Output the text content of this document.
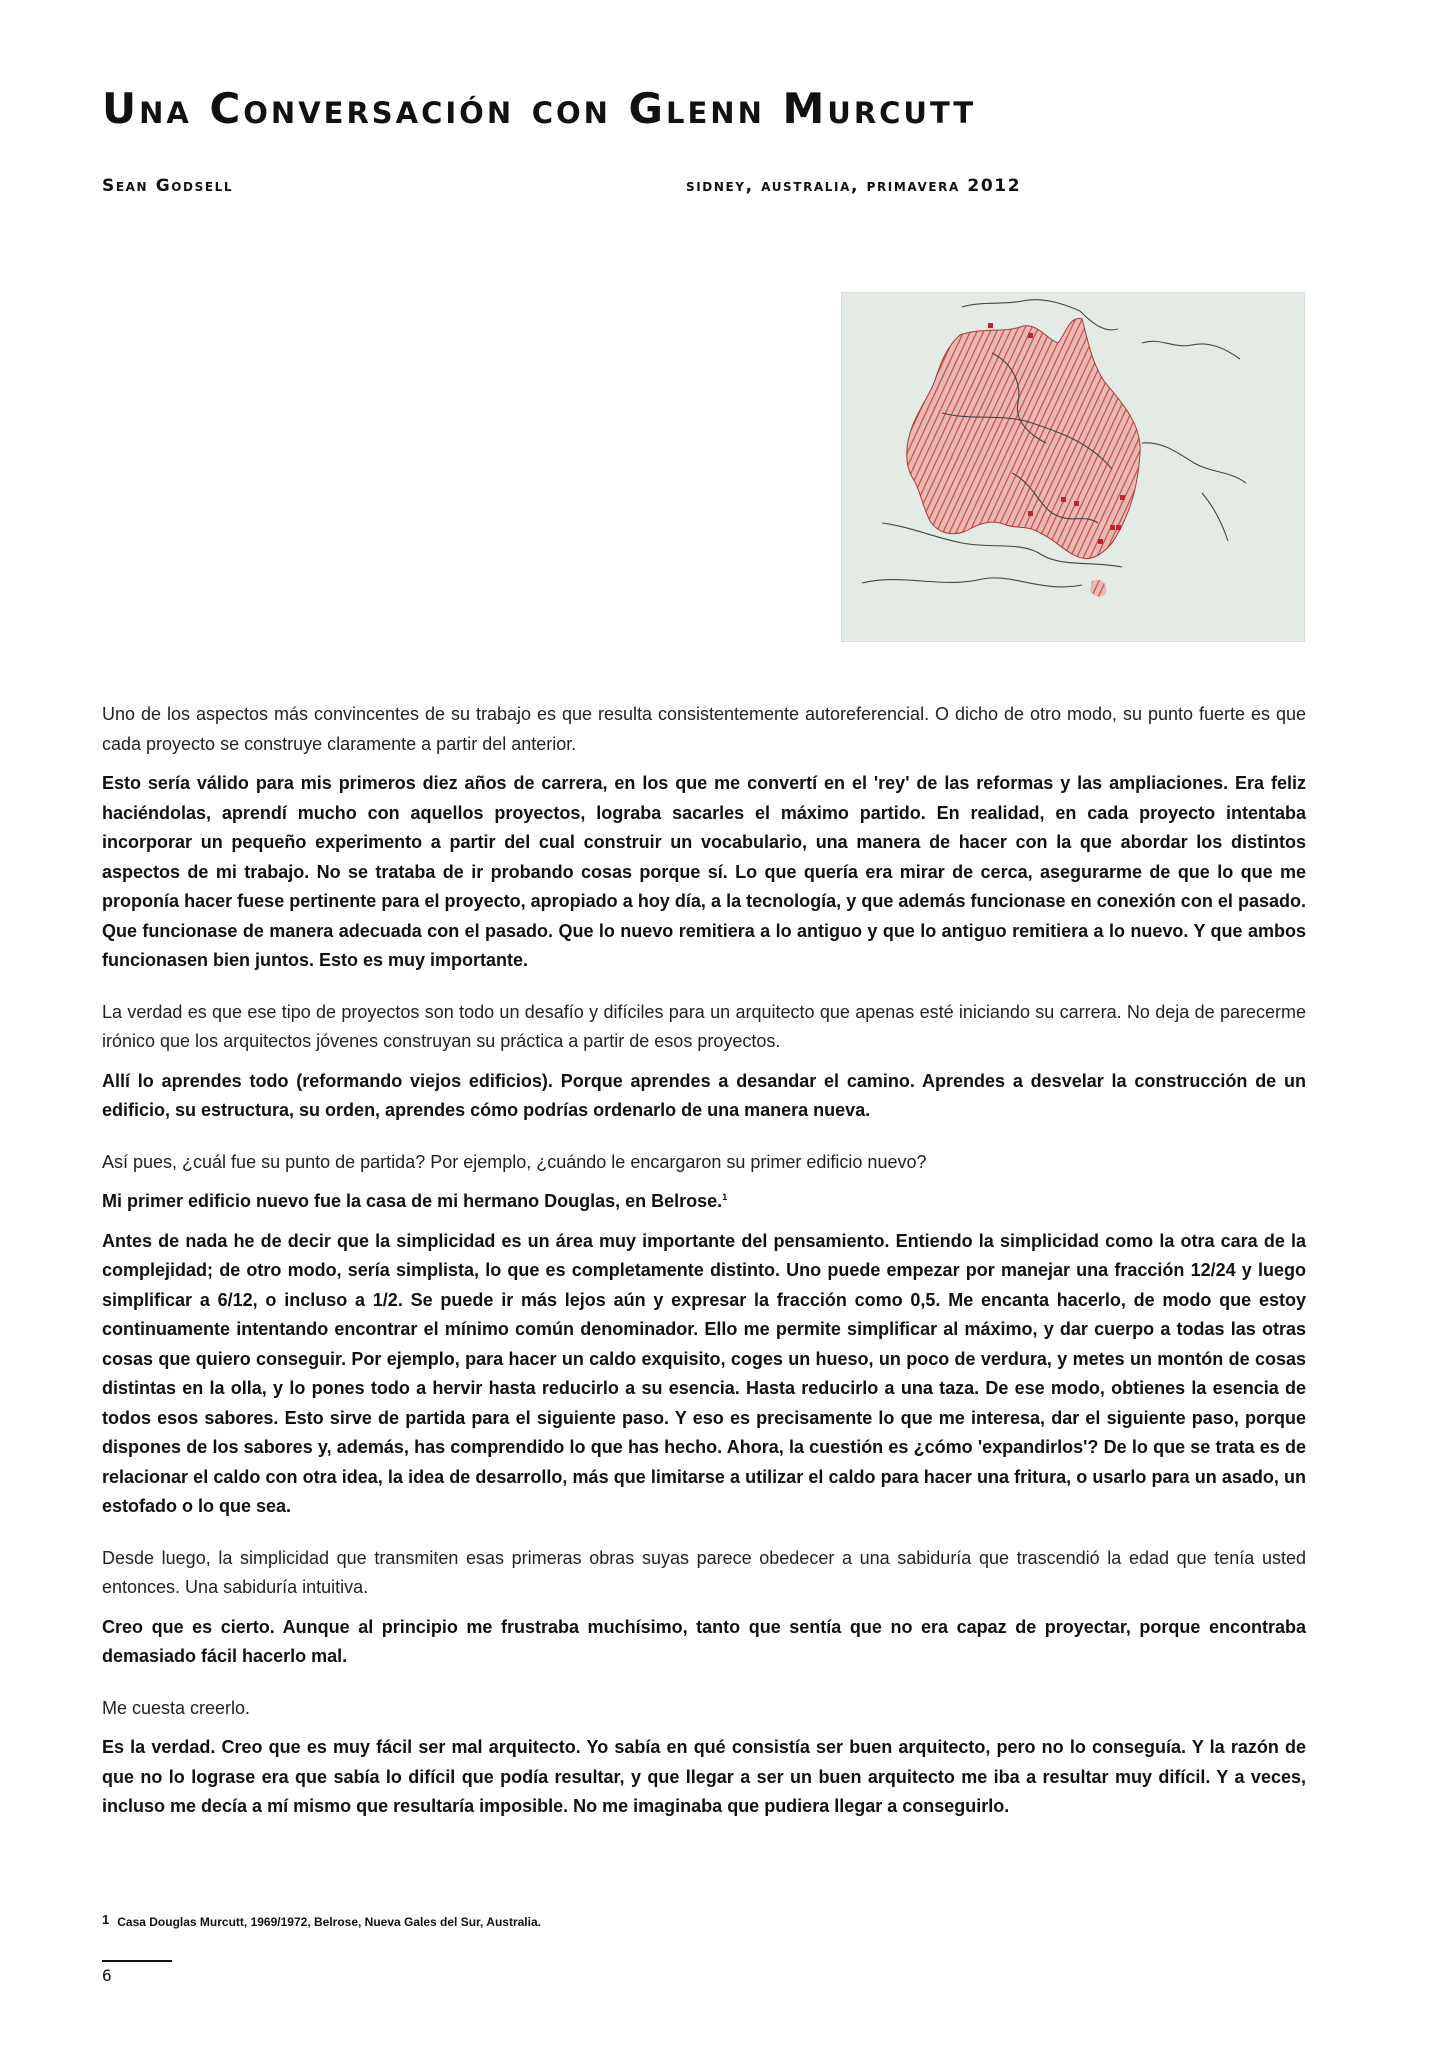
Una Conversación con Glenn Murcutt
Sean Godsell	sidney, australia, primavera 2012

Uno de los aspectos más convincentes de su trabajo es que resulta consistentemente autoreferencial. O dicho de otro modo, su punto fuerte es que cada proyecto se construye claramente a partir del anterior.

Esto sería válido para mis primeros diez años de carrera, en los que me convertí en el 'rey' de las reformas y las ampliaciones. Era feliz haciéndolas, aprendí mucho con aquellos proyectos, lograba sacarles el máximo partido. En realidad, en cada proyecto intentaba incorporar un pequeño experimento a partir del cual construir un vocabulario, una manera de hacer con la que abordar los distintos aspectos de mi trabajo. No se trataba de ir probando cosas porque sí. Lo que quería era mirar de cerca, asegurarme de que lo que me proponía hacer fuese pertinente para el proyecto, apropiado a hoy día, a la tecnología, y que además funcionase en conexión con el pasado. Que funcionase de manera adecuada con el pasado. Que lo nuevo remitiera a lo antiguo y que lo antiguo remitiera a lo nuevo. Y que ambos funcionasen bien juntos. Esto es muy importante.

La verdad es que ese tipo de proyectos son todo un desafío y difíciles para un arquitecto que apenas esté iniciando su carrera. No deja de parecerme irónico que los arquitectos jóvenes construyan su práctica a partir de esos proyectos.

Allí lo aprendes todo (reformando viejos edificios). Porque aprendes a desandar el camino. Aprendes a desvelar la construcción de un edificio, su estructura, su orden, aprendes cómo podrías ordenarlo de una manera nueva.

Así pues, ¿cuál fue su punto de partida? Por ejemplo, ¿cuándo le encargaron su primer edificio nuevo?

Mi primer edificio nuevo fue la casa de mi hermano Douglas, en Belrose.$^1$

Antes de nada he de decir que la simplicidad es un área muy importante del pensamiento. Entiendo la simplicidad como la otra cara de la complejidad; de otro modo, sería simplista, lo que es completamente distinto. Uno puede empezar por manejar una fracción 12/24 y luego simplificar a 6/12, o incluso a 1/2. Se puede ir más lejos aún y expresar la fracción como 0,5. Me encanta hacerlo, de modo que estoy continuamente intentando encontrar el mínimo común denominador. Ello me permite simplificar al máximo, y dar cuerpo a todas las otras cosas que quiero conseguir. Por ejemplo, para hacer un caldo exquisito, coges un hueso, un poco de verdura, y metes un montón de cosas distintas en la olla, y lo pones todo a hervir hasta reducirlo a su esencia. Hasta reducirlo a una taza. De ese modo, obtienes la esencia de todos esos sabores. Esto sirve de partida para el siguiente paso. Y eso es precisamente lo que me interesa, dar el siguiente paso, porque dispones de los sabores y, además, has comprendido lo que has hecho. Ahora, la cuestión es ¿cómo 'expandirlos'? De lo que se trata es de relacionar el caldo con otra idea, la idea de desarrollo, más que limitarse a utilizar el caldo para hacer una fritura, o usarlo para un asado, un estofado o lo que sea.

Desde luego, la simplicidad que transmiten esas primeras obras suyas parece obedecer a una sabiduría que trascendió la edad que tenía usted entonces. Una sabiduría intuitiva.

Creo que es cierto. Aunque al principio me frustraba muchísimo, tanto que sentía que no era capaz de proyectar, porque encontraba demasiado fácil hacerlo mal.

Me cuesta creerlo.

Es la verdad. Creo que es muy fácil ser mal arquitecto. Yo sabía en qué consistía ser buen arquitecto, pero no lo conseguía. Y la razón de que no lo lograse era que sabía lo difícil que podía resultar, y que llegar a ser un buen arquitecto me iba a resultar muy difícil. Y a veces, incluso me decía a mí mismo que resultaría imposible. No me imaginaba que pudiera llegar a conseguirlo.

1 Casa Douglas Murcutt, 1969/1972, Belrose, Nueva Gales del Sur, Australia.
6
